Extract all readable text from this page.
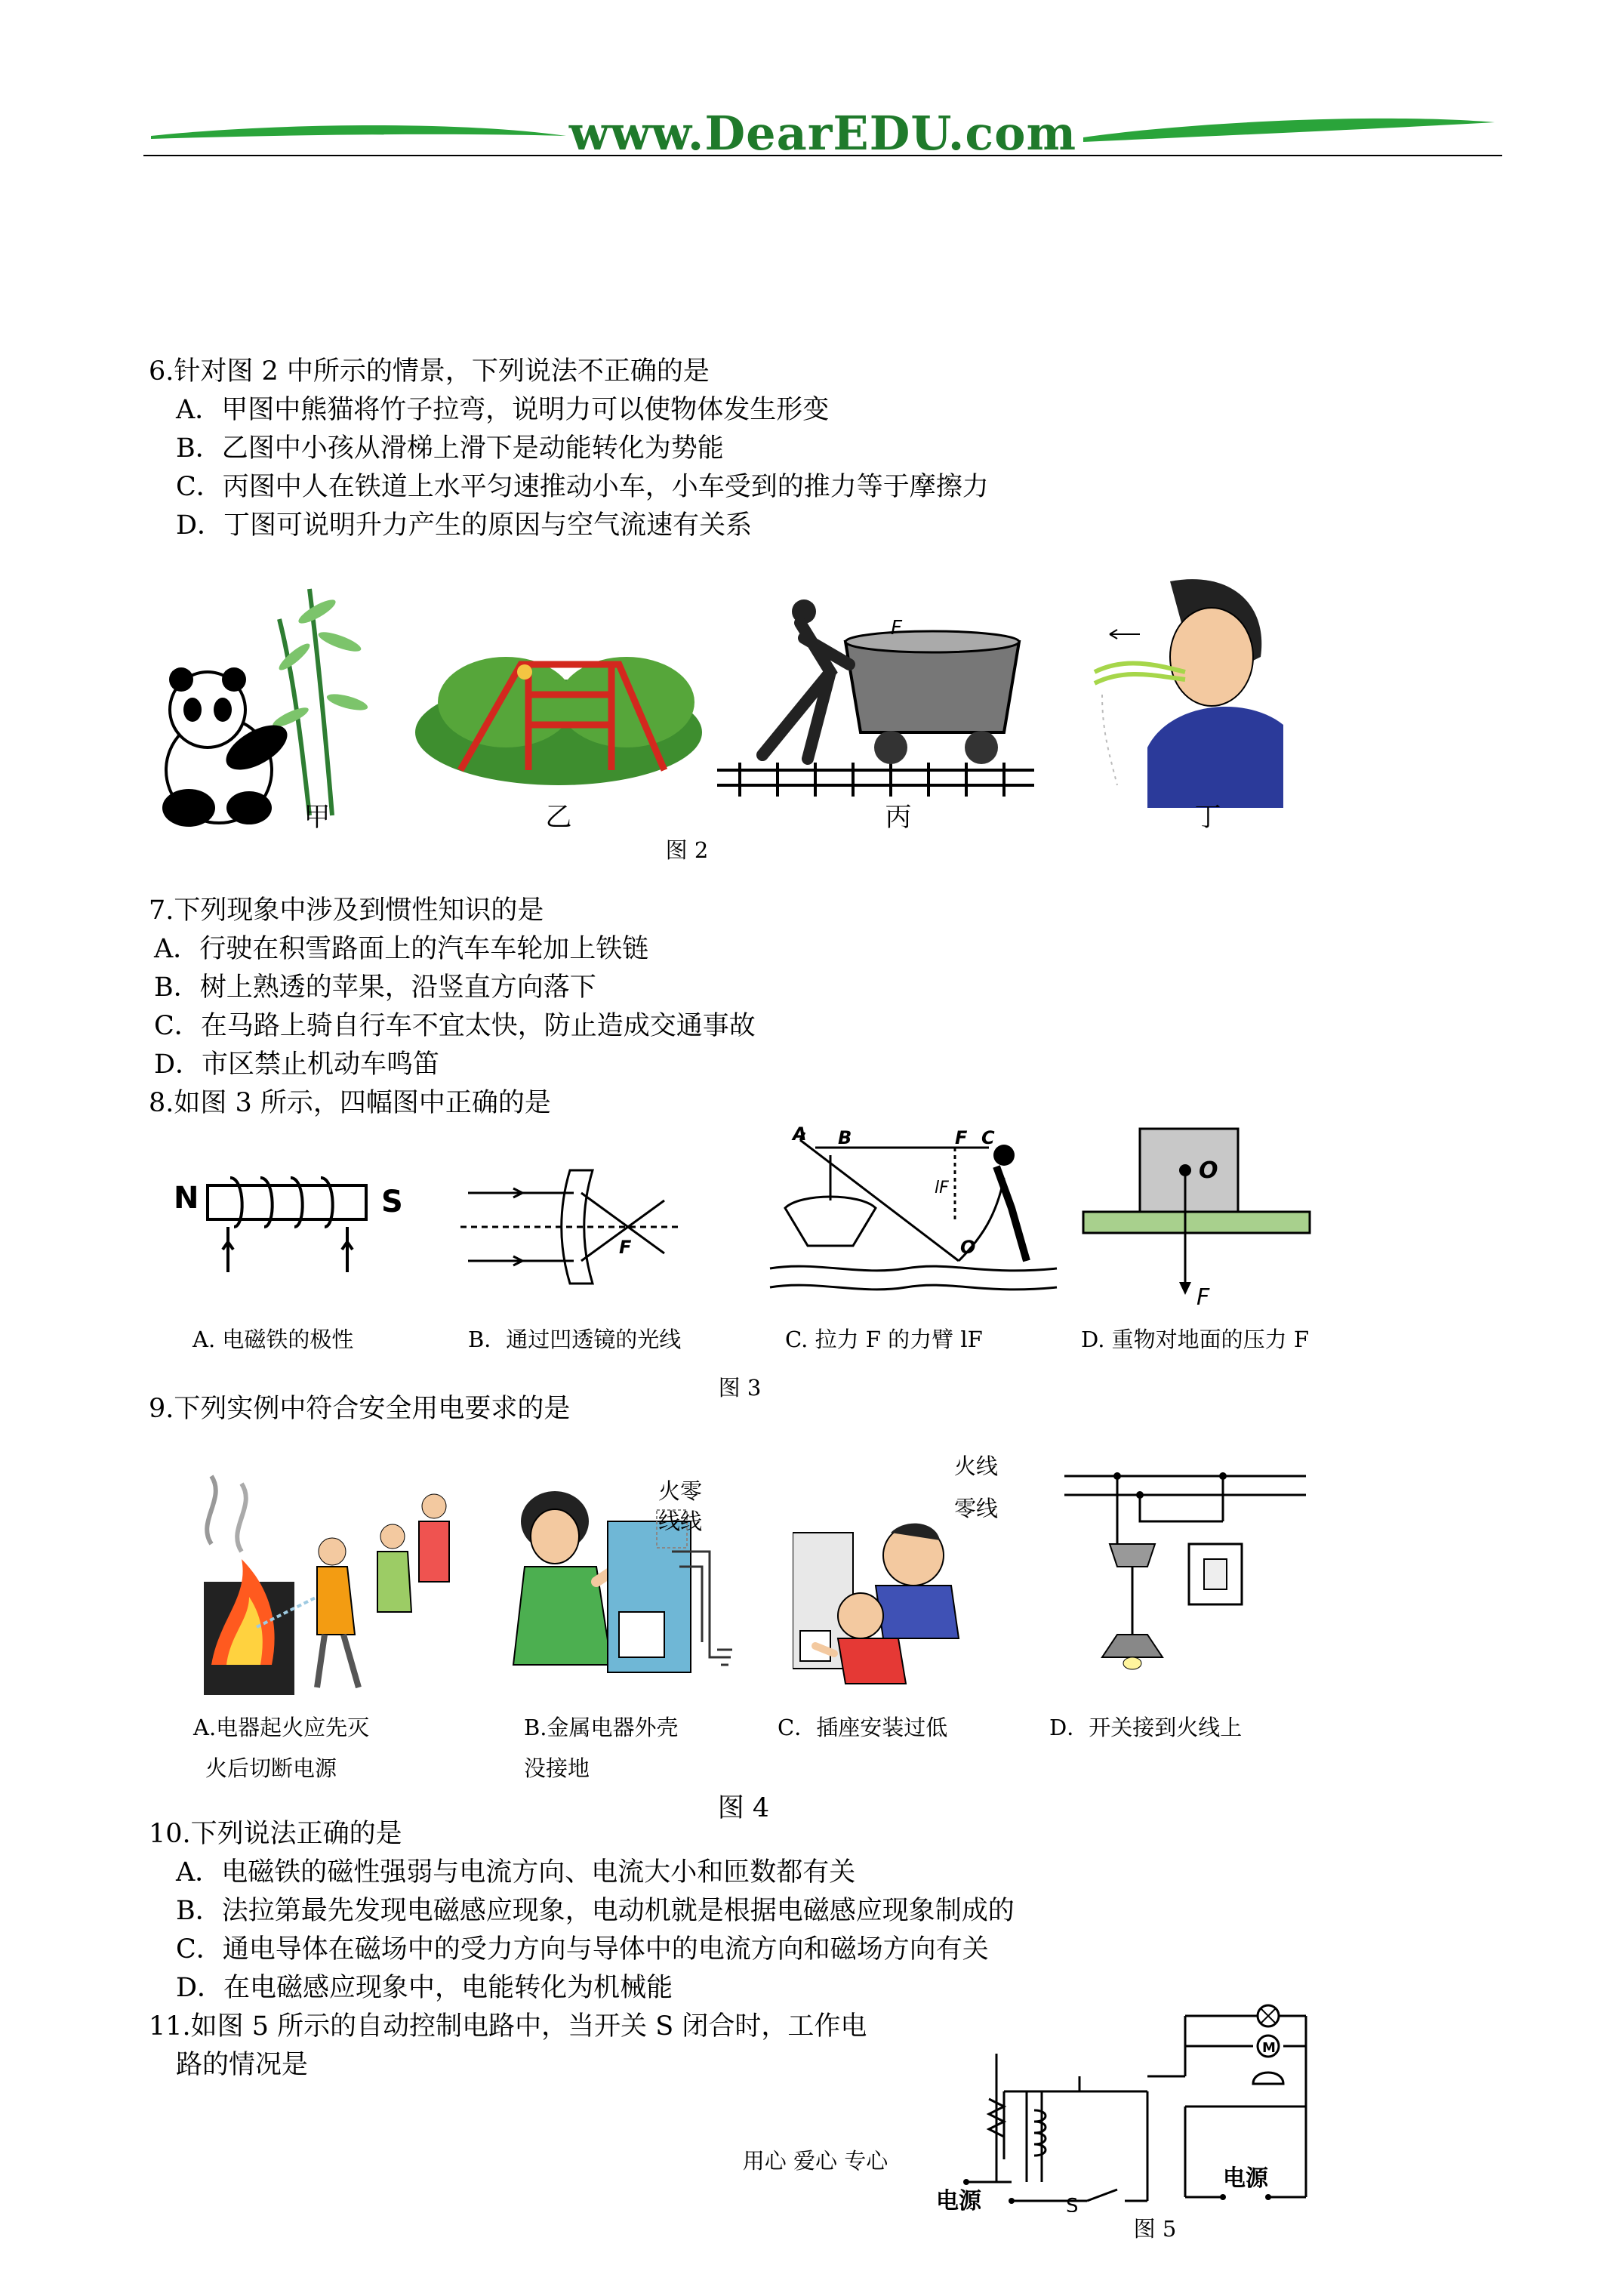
www.DearEDU.com
6.针对图 2 中所示的情景，下列说法不正确的是
A．甲图中熊猫将竹子拉弯，说明力可以使物体发生形变
B．乙图中小孩从滑梯上滑下是动能转化为势能
C．丙图中人在铁道上水平匀速推动小车，小车受到的推力等于摩擦力
D．丁图可说明升力产生的原因与空气流速有关系
F
甲	乙	丙	丁
图 2
7.下列现象中涉及到惯性知识的是
A．行驶在积雪路面上的汽车车轮加上铁链
B．树上熟透的苹果，沿竖直方向落下
C．在马路上骑自行车不宜太快，防止造成交通事故
D．市区禁止机动车鸣笛
8.如图 3 所示，四幅图中正确的是
N	S
F
A B	F C
lF
O
O
F
A. 电磁铁的极性	B．通过凹透镜的光线	C. 拉力 F 的力臂 lF	D. 重物对地面的压力 F
图 3
9.下列实例中符合安全用电要求的是
火零
线线
火线
零线
A.电器起火应先灭
火后切断电源
B.金属电器外壳
没接地
C．插座安装过低	D．开关接到火线上
图 4
10.下列说法正确的是
A．电磁铁的磁性强弱与电流方向、电流大小和匝数都有关
B．法拉第最先发现电磁感应现象，电动机就是根据电磁感应现象制成的
C．通电导体在磁场中的受力方向与导体中的电流方向和磁场方向有关
D．在电磁感应现象中，电能转化为机械能
11.如图 5 所示的自动控制电路中，当开关 S 闭合时，工作电
路的情况是
M
电源
电源
S
图 5
用心 爱心 专心
